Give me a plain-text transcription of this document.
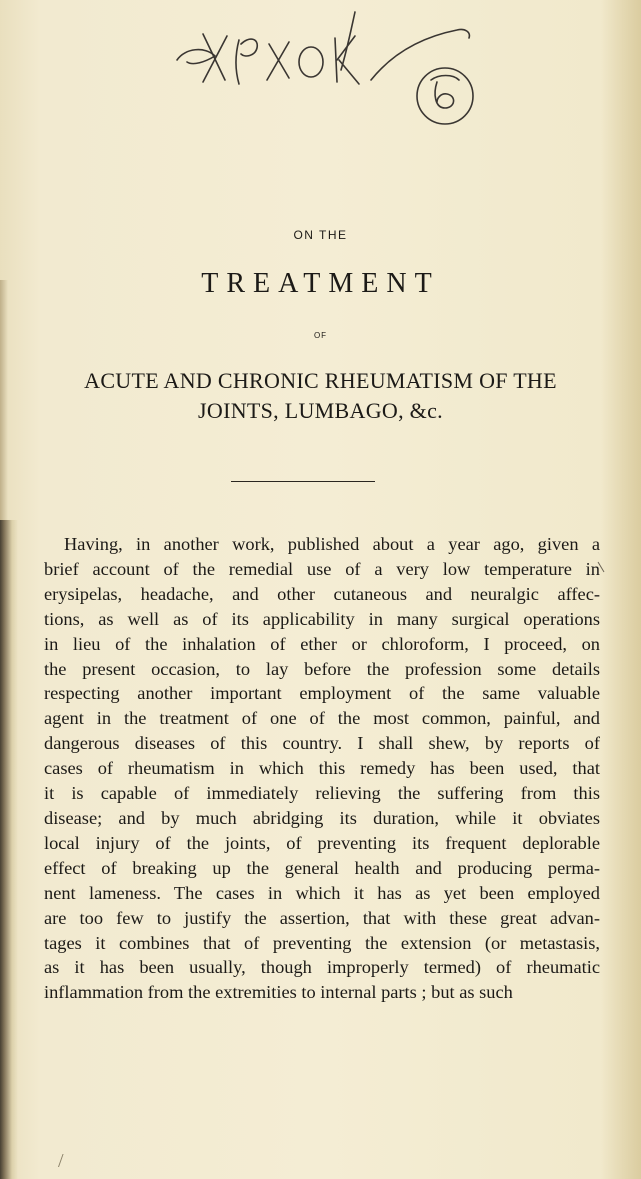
ON THE
TREATMENT
OF
ACUTE AND CHRONIC RHEUMATISM OF THE
JOINTS, LUMBAGO, &c.
Having, in another work, published about a year ago, given a
brief account of the remedial use of a very low temperature in
erysipelas, headache, and other cutaneous and neuralgic affec-
tions, as well as of its applicability in many surgical operations
in lieu of the inhalation of ether or chloroform, I proceed, on
the present occasion, to lay before the profession some details
respecting another important employment of the same valuable
agent in the treatment of one of the most common, painful, and
dangerous diseases of this country. I shall shew, by reports of
cases of rheumatism in which this remedy has been used, that
it is capable of immediately relieving the suffering from this
disease; and by much abridging its duration, while it obviates
local injury of the joints, of preventing its frequent deplorable
effect of breaking up the general health and producing perma-
nent lameness. The cases in which it has as yet been employed
are too few to justify the assertion, that with these great advan-
tages it combines that of preventing the extension (or metastasis,
as it has been usually, though improperly termed) of rheumatic
inflammation from the extremities to internal parts ; but as such
/
